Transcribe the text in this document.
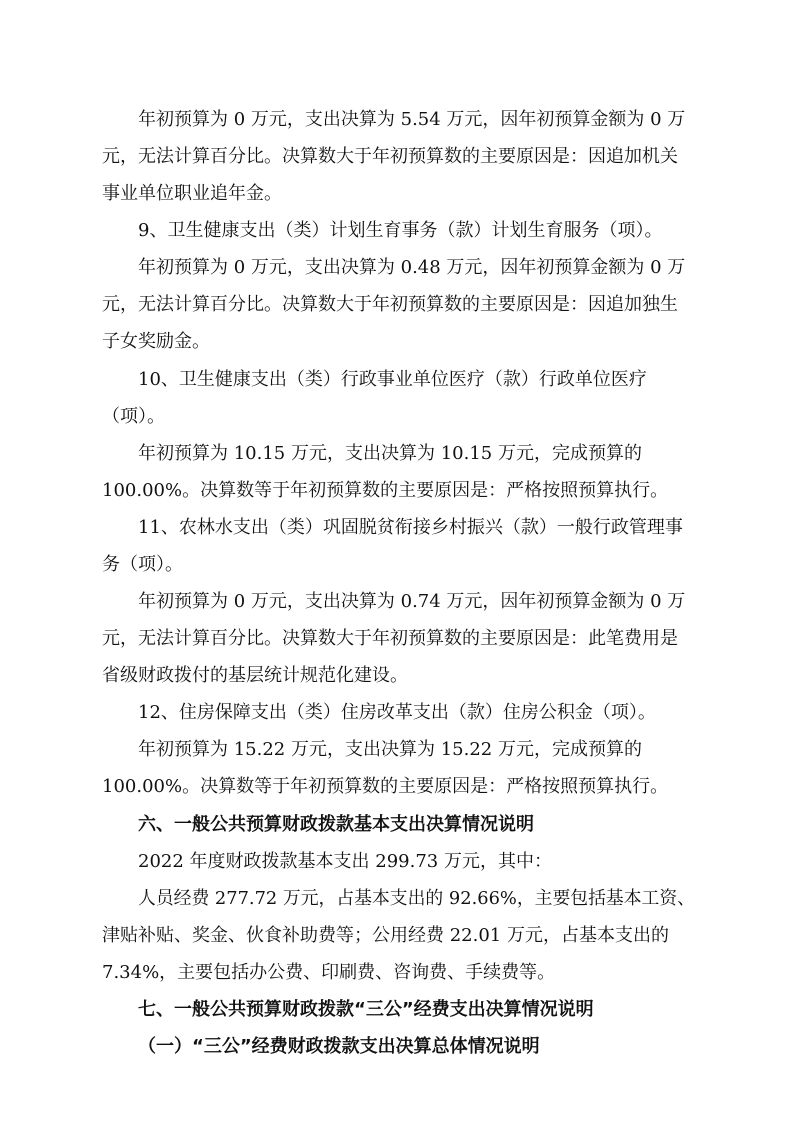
年初预算为 0 万元，支出决算为 5.54 万元，因年初预算金额为 0 万
元，无法计算百分比。决算数大于年初预算数的主要原因是：因追加机关
事业单位职业追年金。
9、卫生健康支出（类）计划生育事务（款）计划生育服务（项）。
年初预算为 0 万元，支出决算为 0.48 万元，因年初预算金额为 0 万
元，无法计算百分比。决算数大于年初预算数的主要原因是：因追加独生
子女奖励金。
10、卫生健康支出（类）行政事业单位医疗（款）行政单位医疗
（项）。
年初预算为 10.15 万元，支出决算为 10.15 万元，完成预算的
100.00%。决算数等于年初预算数的主要原因是：严格按照预算执行。
11、农林水支出（类）巩固脱贫衔接乡村振兴（款）一般行政管理事
务（项）。
年初预算为 0 万元，支出决算为 0.74 万元，因年初预算金额为 0 万
元，无法计算百分比。决算数大于年初预算数的主要原因是：此笔费用是
省级财政拨付的基层统计规范化建设。
12、住房保障支出（类）住房改革支出（款）住房公积金（项）。
年初预算为 15.22 万元，支出决算为 15.22 万元，完成预算的
100.00%。决算数等于年初预算数的主要原因是：严格按照预算执行。
六、一般公共预算财政拨款基本支出决算情况说明
2022 年度财政拨款基本支出 299.73 万元，其中：
人员经费 277.72 万元，占基本支出的 92.66%，主要包括基本工资、
津贴补贴、奖金、伙食补助费等；公用经费 22.01 万元，占基本支出的
7.34%，主要包括办公费、印刷费、咨询费、手续费等。
七、一般公共预算财政拨款“三公”经费支出决算情况说明
（一）“三公”经费财政拨款支出决算总体情况说明
